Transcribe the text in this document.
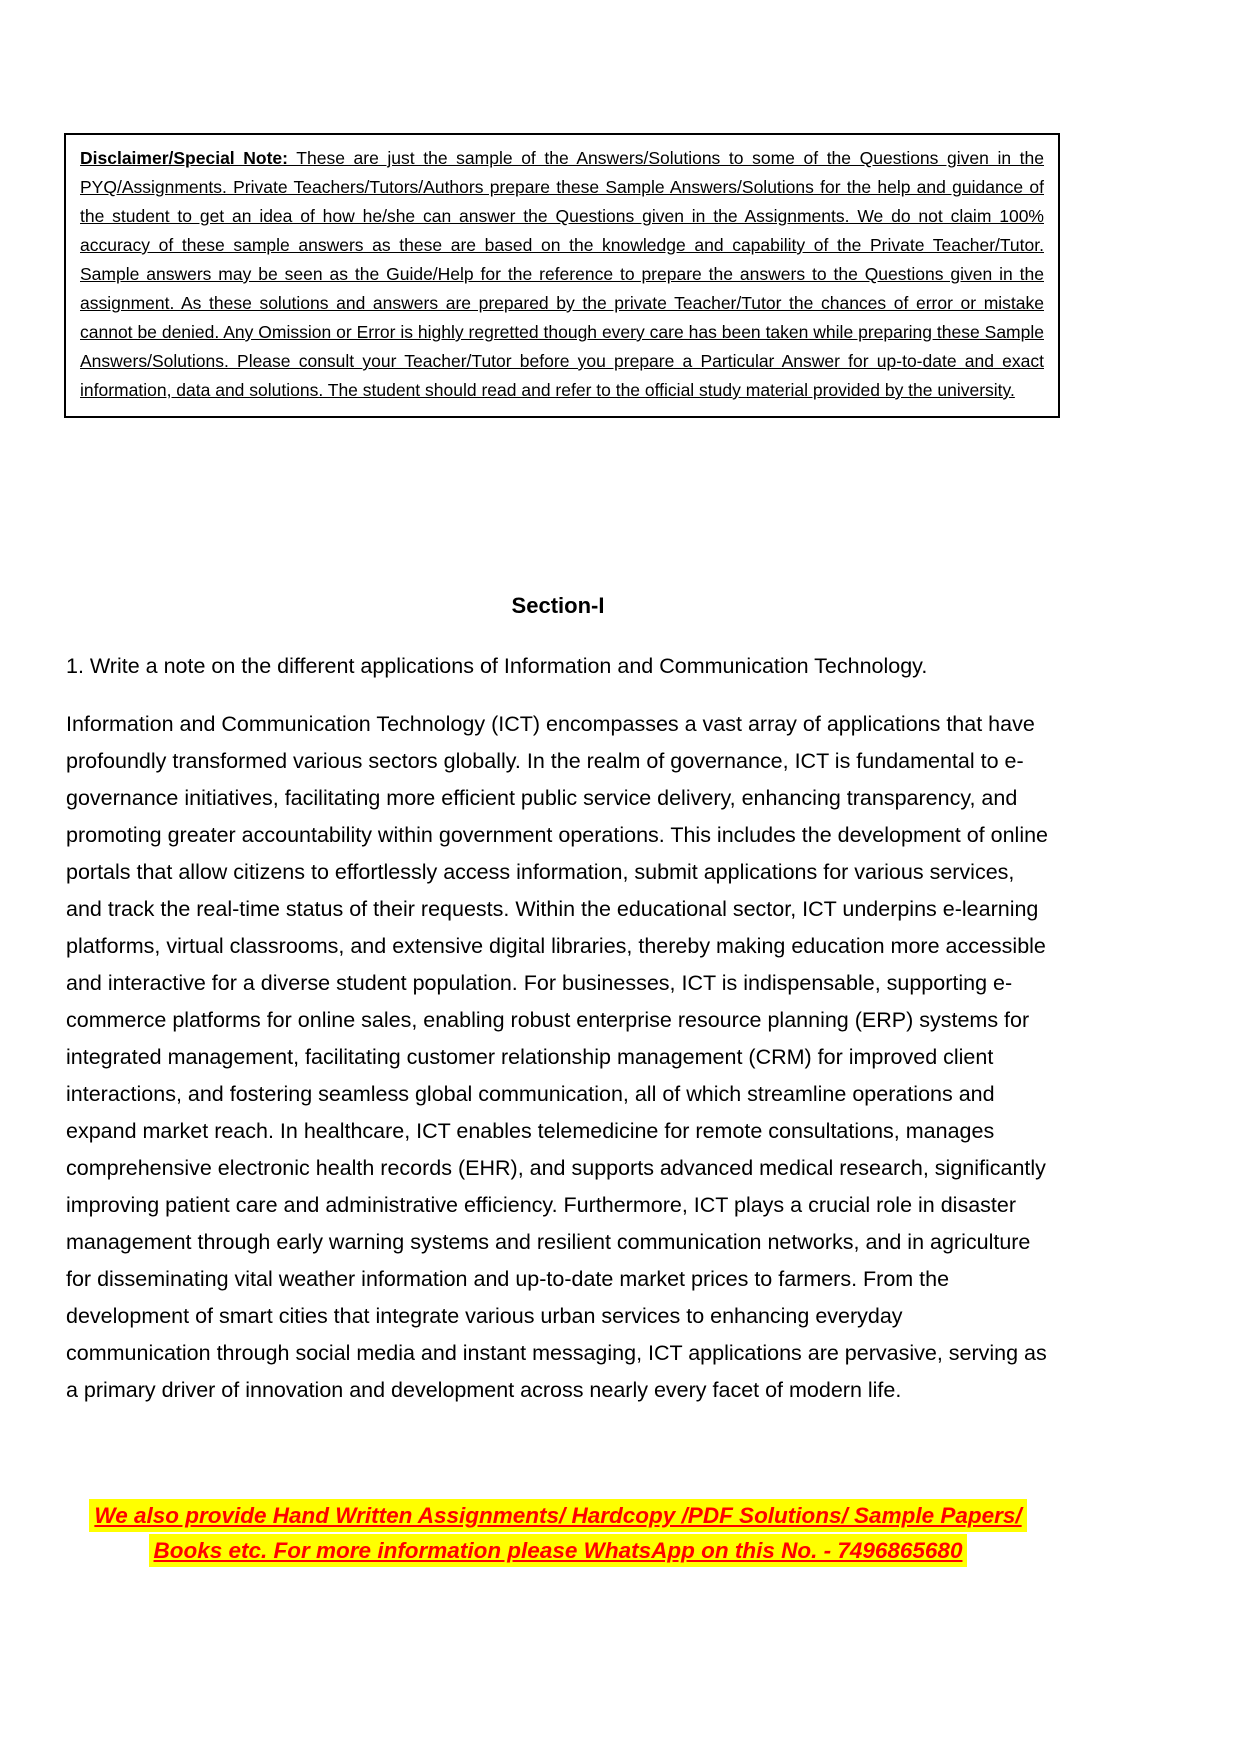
Disclaimer/Special Note: These are just the sample of the Answers/Solutions to some of the Questions given in the PYQ/Assignments. Private Teachers/Tutors/Authors prepare these Sample Answers/Solutions for the help and guidance of the student to get an idea of how he/she can answer the Questions given in the Assignments. We do not claim 100% accuracy of these sample answers as these are based on the knowledge and capability of the Private Teacher/Tutor. Sample answers may be seen as the Guide/Help for the reference to prepare the answers to the Questions given in the assignment. As these solutions and answers are prepared by the private Teacher/Tutor the chances of error or mistake cannot be denied. Any Omission or Error is highly regretted though every care has been taken while preparing these Sample Answers/Solutions. Please consult your Teacher/Tutor before you prepare a Particular Answer for up-to-date and exact information, data and solutions. The student should read and refer to the official study material provided by the university.
Section-I
1. Write a note on the different applications of Information and Communication Technology.
Information and Communication Technology (ICT) encompasses a vast array of applications that have profoundly transformed various sectors globally. In the realm of governance, ICT is fundamental to e-governance initiatives, facilitating more efficient public service delivery, enhancing transparency, and promoting greater accountability within government operations. This includes the development of online portals that allow citizens to effortlessly access information, submit applications for various services, and track the real-time status of their requests. Within the educational sector, ICT underpins e-learning platforms, virtual classrooms, and extensive digital libraries, thereby making education more accessible and interactive for a diverse student population. For businesses, ICT is indispensable, supporting e-commerce platforms for online sales, enabling robust enterprise resource planning (ERP) systems for integrated management, facilitating customer relationship management (CRM) for improved client interactions, and fostering seamless global communication, all of which streamline operations and expand market reach. In healthcare, ICT enables telemedicine for remote consultations, manages comprehensive electronic health records (EHR), and supports advanced medical research, significantly improving patient care and administrative efficiency. Furthermore, ICT plays a crucial role in disaster management through early warning systems and resilient communication networks, and in agriculture for disseminating vital weather information and up-to-date market prices to farmers. From the development of smart cities that integrate various urban services to enhancing everyday communication through social media and instant messaging, ICT applications are pervasive, serving as a primary driver of innovation and development across nearly every facet of modern life.
We also provide Hand Written Assignments/ Hardcopy /PDF Solutions/ Sample Papers/
Books etc. For more information please WhatsApp on this No. - 7496865680
